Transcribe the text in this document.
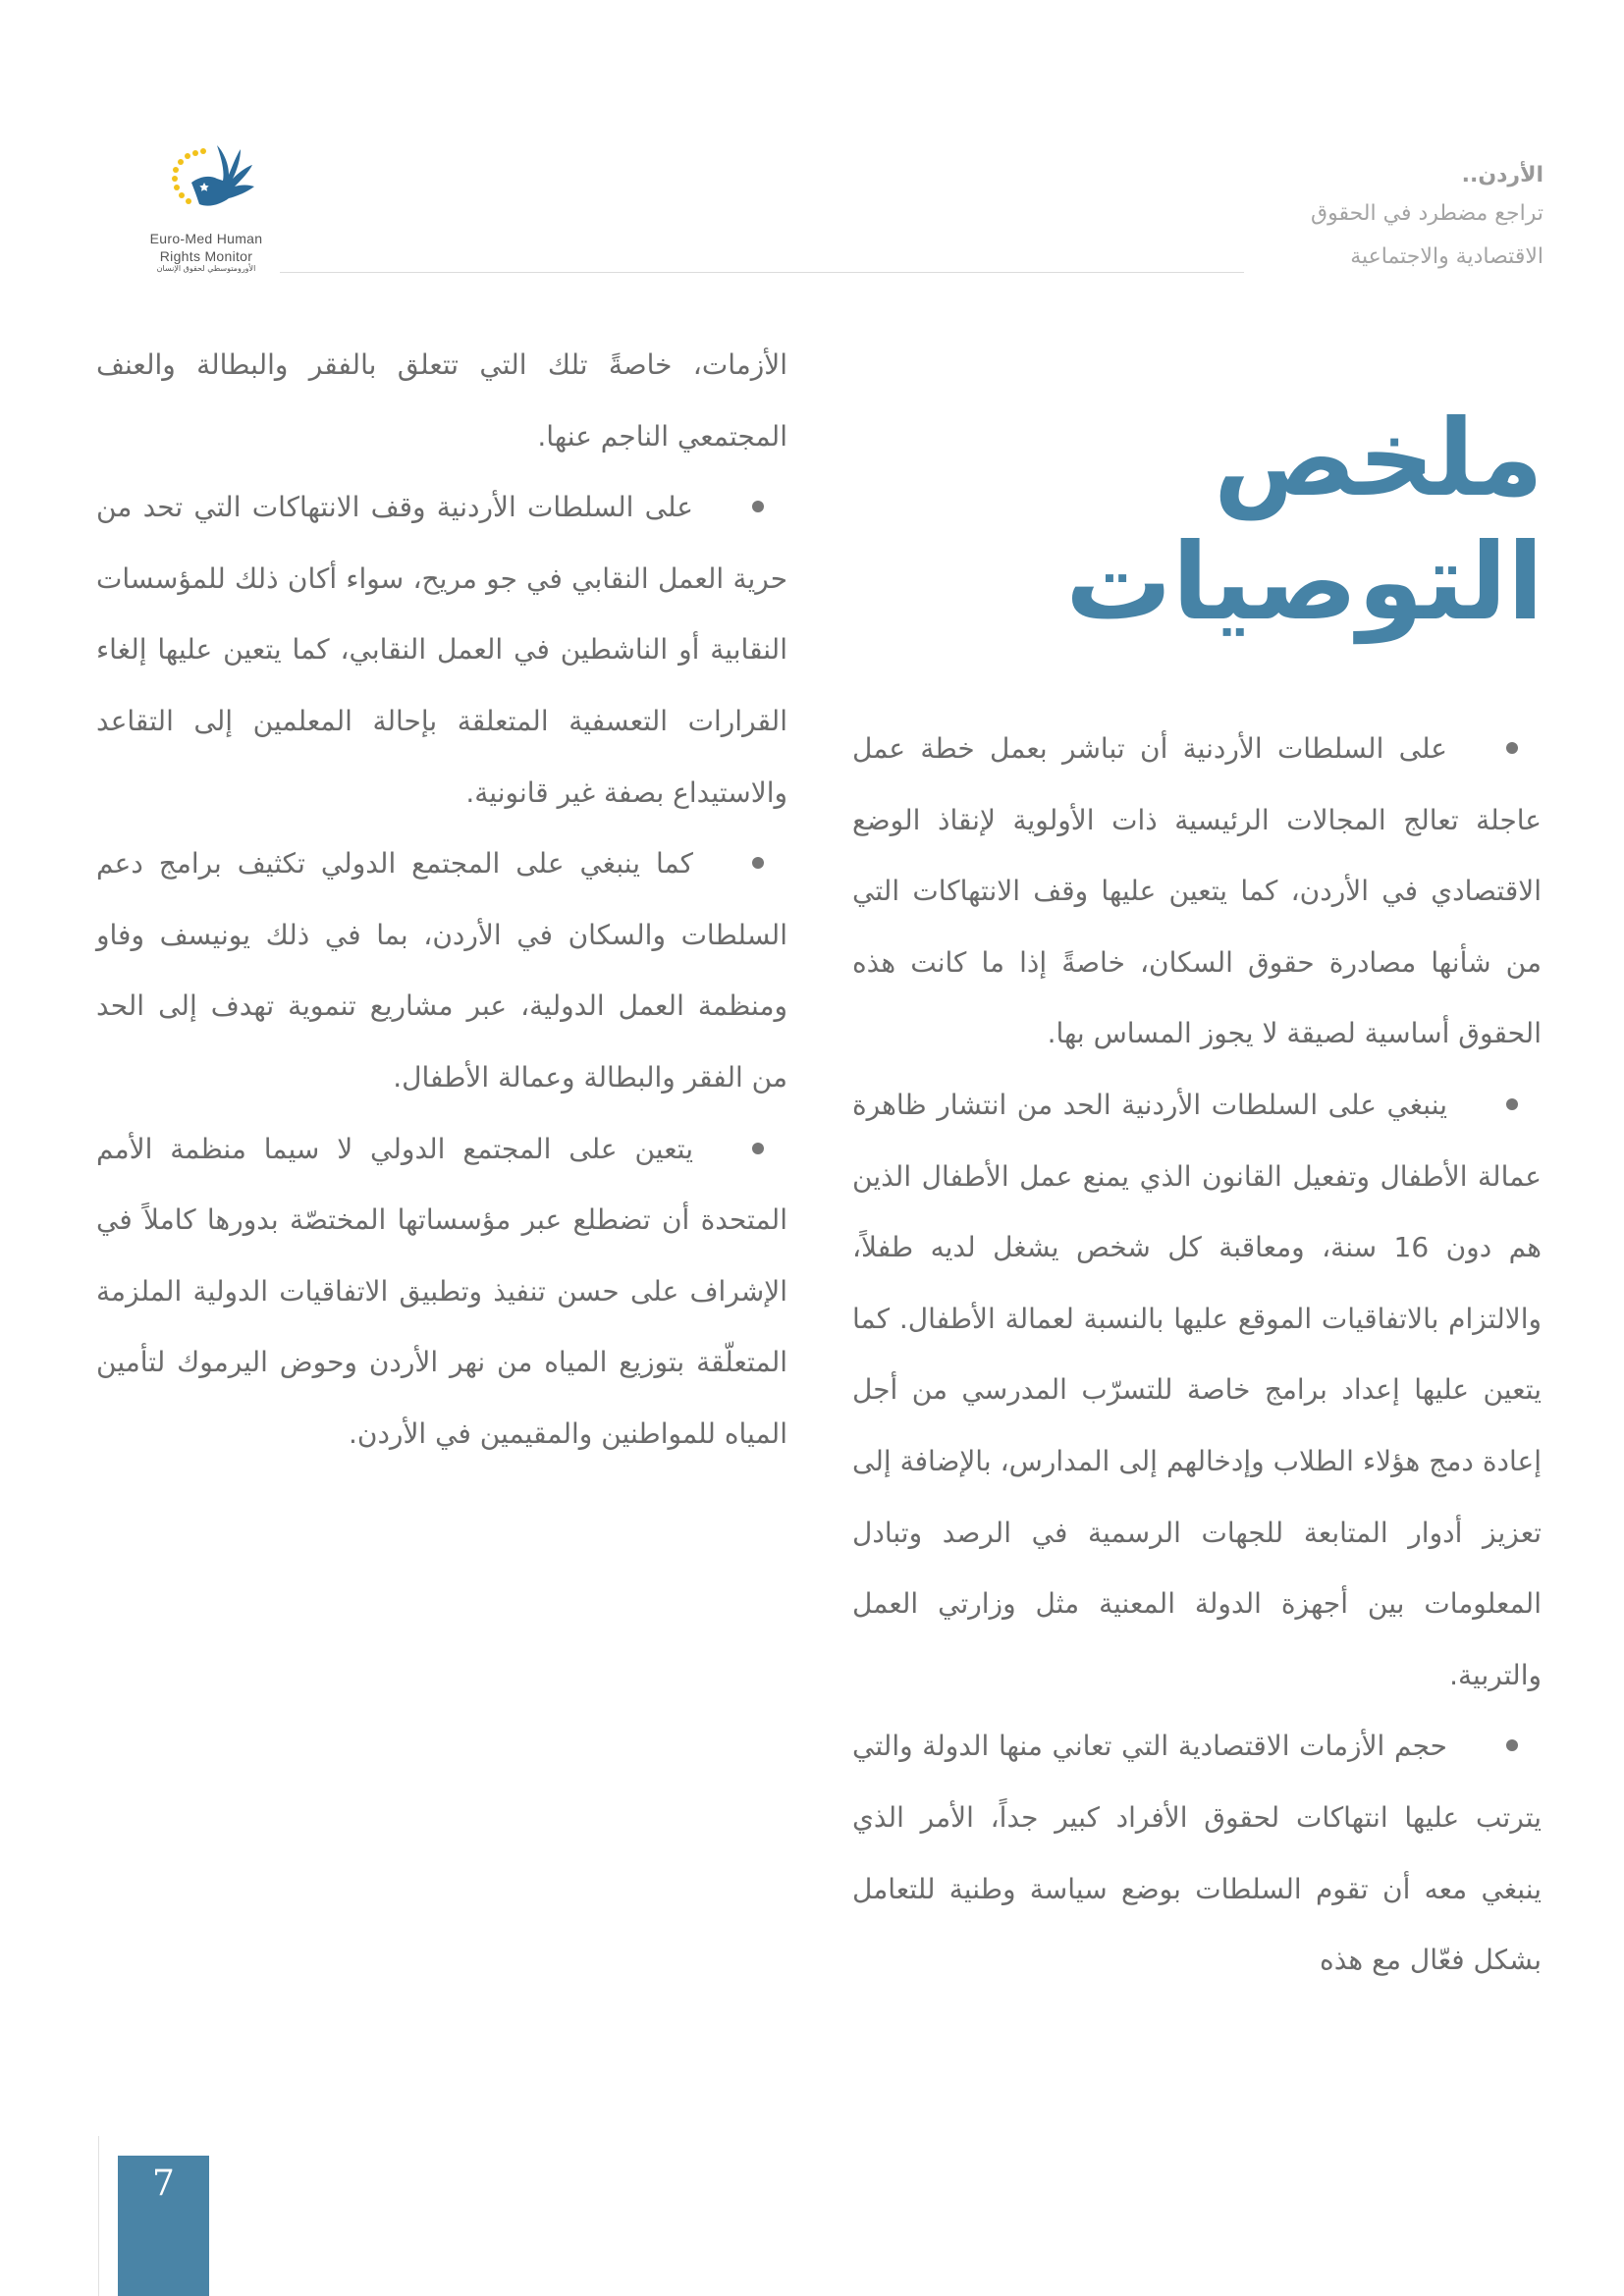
Euro-Med Human
Rights Monitor
الأورومتوسطي لحقوق الإنسان
الأردن..
تراجع مضطرد في الحقوق
الاقتصادية والاجتماعية
ملخص
التوصيات
على السلطات الأردنية أن تباشر بعمل خطة عمل عاجلة تعالج المجالات الرئيسية ذات الأولوية لإنقاذ الوضع الاقتصادي في الأردن، كما يتعين عليها وقف الانتهاكات التي من شأنها مصادرة حقوق السكان، خاصةً إذا ما كانت هذه الحقوق أساسية لصيقة لا يجوز المساس بها.
ينبغي على السلطات الأردنية الحد من انتشار ظاهرة عمالة الأطفال وتفعيل القانون الذي يمنع عمل الأطفال الذين هم دون 16 سنة، ومعاقبة كل شخص يشغل لديه طفلاً، والالتزام بالاتفاقيات الموقع عليها بالنسبة لعمالة الأطفال. كما يتعين عليها إعداد برامج خاصة للتسرّب المدرسي من أجل إعادة دمج هؤلاء الطلاب وإدخالهم إلى المدارس، بالإضافة إلى تعزيز أدوار المتابعة للجهات الرسمية في الرصد وتبادل المعلومات بين أجهزة الدولة المعنية مثل وزارتي العمل والتربية.
حجم الأزمات الاقتصادية التي تعاني منها الدولة والتي يترتب عليها انتهاكات لحقوق الأفراد كبير جداً، الأمر الذي ينبغي معه أن تقوم السلطات بوضع سياسة وطنية للتعامل بشكل فعّال مع هذه

الأزمات، خاصةً تلك التي تتعلق بالفقر والبطالة والعنف المجتمعي الناجم عنها.

على السلطات الأردنية وقف الانتهاكات التي تحد من حرية العمل النقابي في جو مريح، سواء أكان ذلك للمؤسسات النقابية أو الناشطين في العمل النقابي، كما يتعين عليها إلغاء القرارات التعسفية المتعلقة بإحالة المعلمين إلى التقاعد والاستيداع بصفة غير قانونية.
كما ينبغي على المجتمع الدولي تكثيف برامج دعم السلطات والسكان في الأردن، بما في ذلك يونيسف وفاو ومنظمة العمل الدولية، عبر مشاريع تنموية تهدف إلى الحد من الفقر والبطالة وعمالة الأطفال.
يتعين على المجتمع الدولي لا سيما منظمة الأمم المتحدة أن تضطلع عبر مؤسساتها المختصّة بدورها كاملاً في الإشراف على حسن تنفيذ وتطبيق الاتفاقيات الدولية الملزمة المتعلّقة بتوزيع المياه من نهر الأردن وحوض اليرموك لتأمين المياه للمواطنين والمقيمين في الأردن.
7
